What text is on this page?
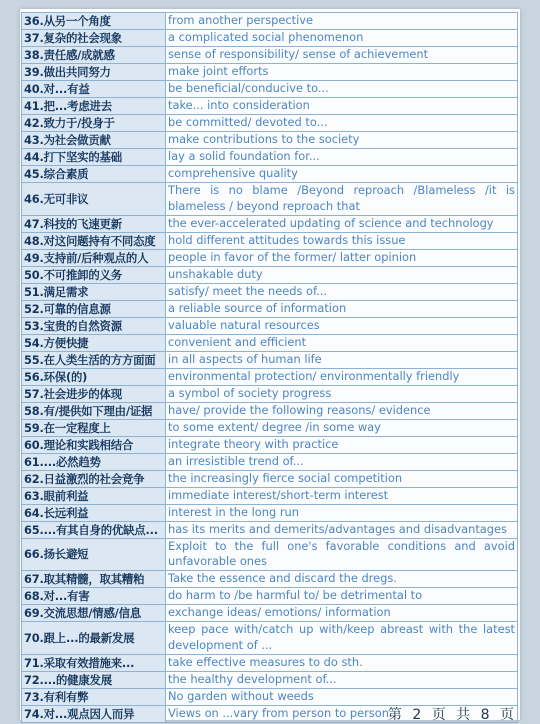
36.从另一个角度	from another perspective
37.复杂的社会现象	a complicated social phenomenon
38.责任感/成就感	sense of responsibility/ sense of achievement
39.做出共同努力	make joint efforts
40.对...有益	be beneficial/conducive to...
41.把...考虑进去	take... into consideration
42.致力于/投身于	be committed/ devoted to...
43.为社会做贡献	make contributions to the society
44.打下坚实的基础	lay a solid foundation for...
45.综合素质	comprehensive quality
46.无可非议	There is no blame /Beyond reproach /Blameless /it is blameless / beyond reproach that
47.科技的飞速更新	the ever-accelerated updating of science and technology
48.对这问题持有不同态度	hold different attitudes towards this issue
49.支持前/后种观点的人	people in favor of the former/ latter opinion
50.不可推卸的义务	unshakable duty
51.满足需求	satisfy/ meet the needs of...
52.可靠的信息源	a reliable source of information
53.宝贵的自然资源	valuable natural resources
54.方便快捷	convenient and efficient
55.在人类生活的方方面面	in all aspects of human life
56.环保(的)	environmental protection/ environmentally friendly
57.社会进步的体现	a symbol of society progress
58.有/提供如下理由/证据	have/ provide the following reasons/ evidence
59.在一定程度上	to some extent/ degree /in some way
60.理论和实践相结合	integrate theory with practice
61....必然趋势	an irresistible trend of...
62.日益激烈的社会竞争	the increasingly fierce social competition
63.眼前利益	immediate interest/short-term interest
64.长远利益	interest in the long run
65....有其自身的优缺点...	has its merits and demerits/advantages and disadvantages
66.扬长避短	Exploit to the full one's favorable conditions and avoid unfavorable ones
67.取其精髓，取其糟粕	Take the essence and discard the dregs.
68.对...有害	do harm to /be harmful to/ be detrimental to
69.交流思想/情感/信息	exchange ideas/ emotions/ information
70.跟上...的最新发展	keep pace with/catch up with/keep abreast with the latest development of ...
71.采取有效措施来...	take effective measures to do sth.
72....的健康发展	the healthy development of...
73.有利有弊	No garden without weeds
74.对...观点因人而异	Views on ...vary from person to person.
第 2 页 共 8 页
